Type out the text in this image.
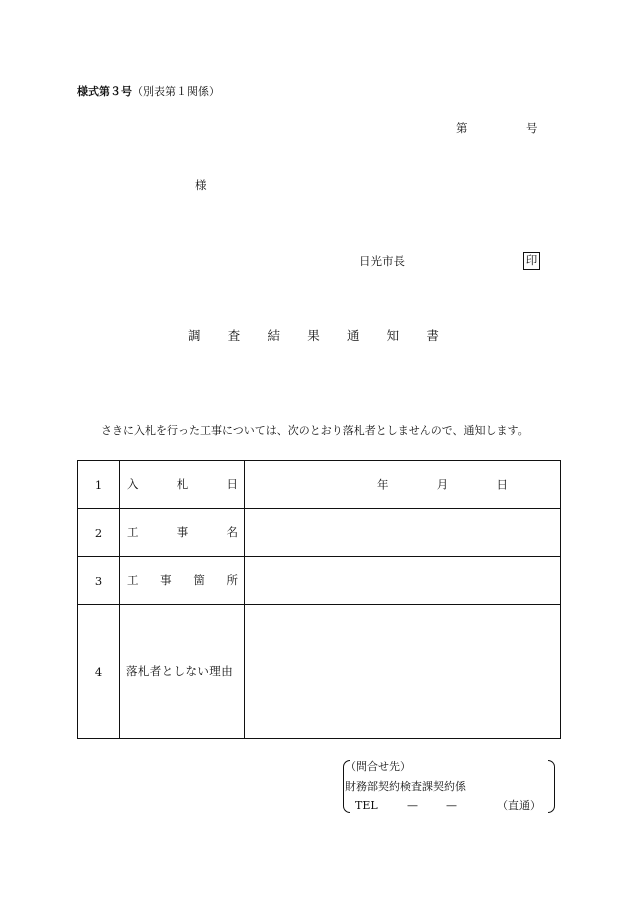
様式第３号（別表第１関係）
第	号
様
日光市長	印
調 査 結 果 通 知 書
さきに入札を行った工事については、次のとおり落札者としませんので、通知します。
1	入 札 日	年 月 日

2	工 事 名	

3	工 事 箇 所	

4	落札者としない理由	

（問合せ先）
財務部契約検査課契約係
TEL	—	—	（直通）
